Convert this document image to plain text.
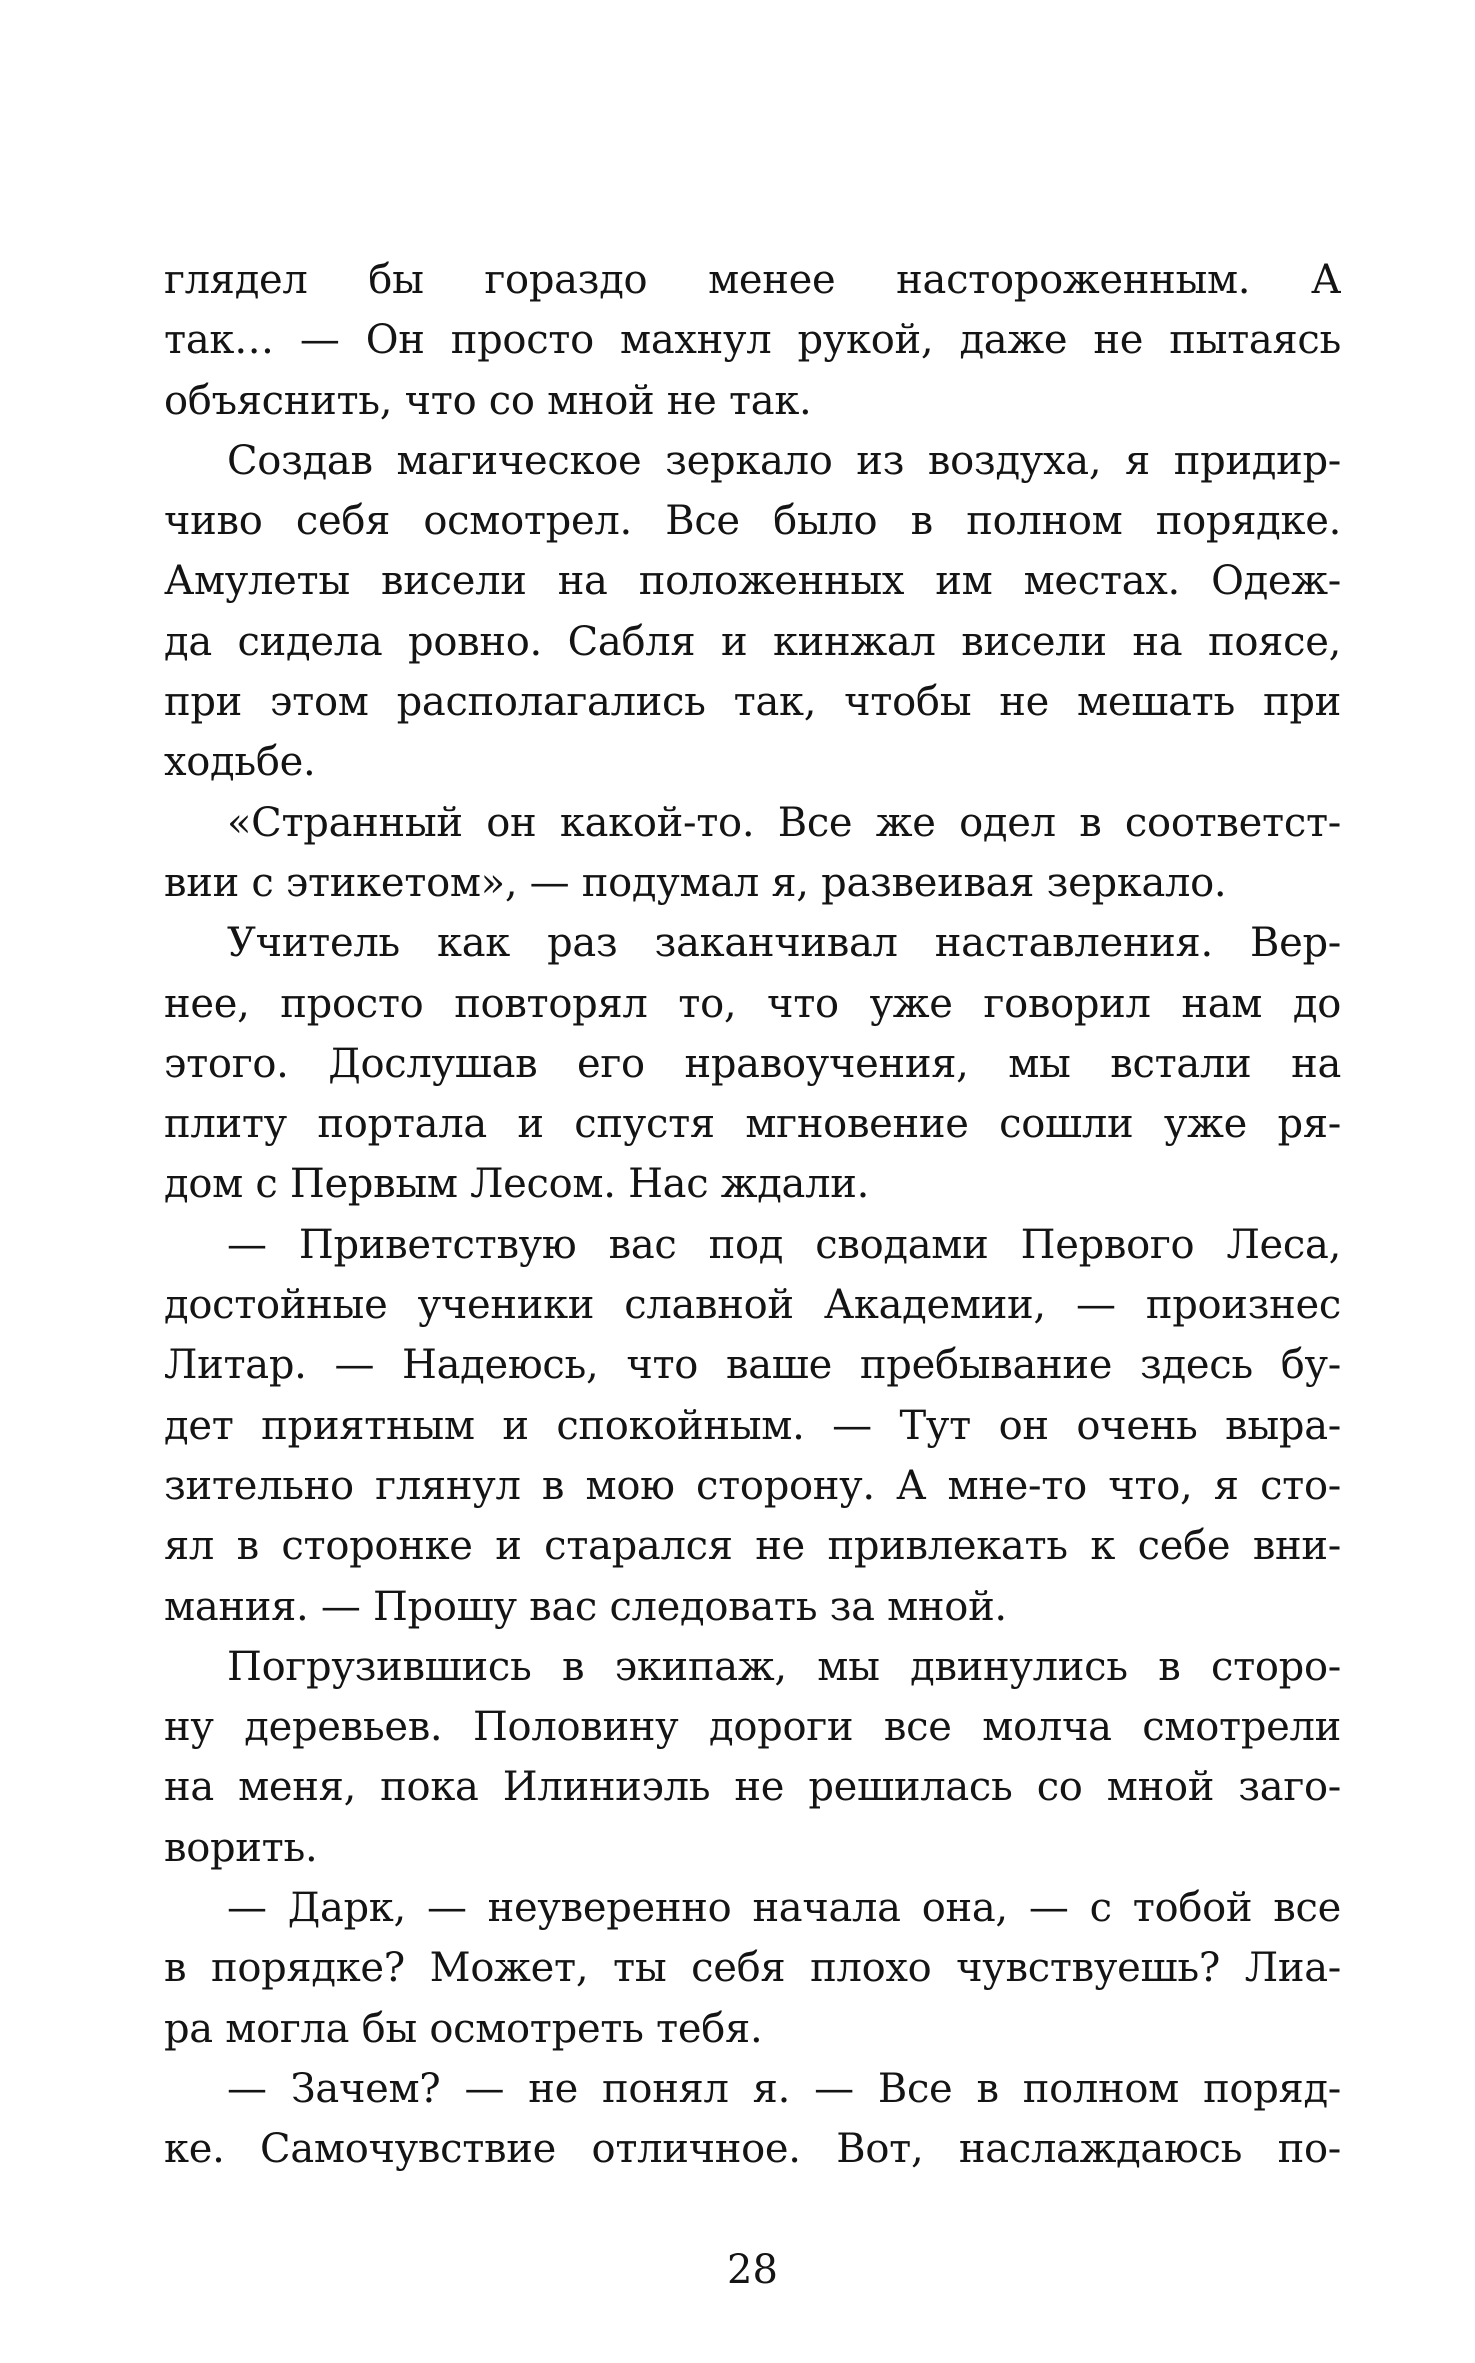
глядел бы гораздо менее настороженным. А
так… — Он просто махнул рукой, даже не пытаясь
объяснить, что со мной не так.
Создав магическое зеркало из воздуха, я придир-
чиво себя осмотрел. Все было в полном порядке.
Амулеты висели на положенных им местах. Одеж-
да сидела ровно. Сабля и кинжал висели на поясе,
при этом располагались так, чтобы не мешать при
ходьбе.
«Странный он какой-то. Все же одел в соответст-
вии с этикетом», — подумал я, развеивая зеркало.
Учитель как раз заканчивал наставления. Вер-
нее, просто повторял то, что уже говорил нам до
этого. Дослушав его нравоучения, мы встали на
плиту портала и спустя мгновение сошли уже ря-
дом с Первым Лесом. Нас ждали.
— Приветствую вас под сводами Первого Леса,
достойные ученики славной Академии, — произнес
Литар. — Надеюсь, что ваше пребывание здесь бу-
дет приятным и спокойным. — Тут он очень выра-
зительно глянул в мою сторону. А мне-то что, я сто-
ял в сторонке и старался не привлекать к себе вни-
мания. — Прошу вас следовать за мной.
Погрузившись в экипаж, мы двинулись в сторо-
ну деревьев. Половину дороги все молча смотрели
на меня, пока Илиниэль не решилась со мной заго-
ворить.
— Дарк, — неуверенно начала она, — с тобой все
в порядке? Может, ты себя плохо чувствуешь? Лиа-
ра могла бы осмотреть тебя.
— Зачем? — не понял я. — Все в полном поряд-
ке. Самочувствие отличное. Вот, наслаждаюсь по-
28
